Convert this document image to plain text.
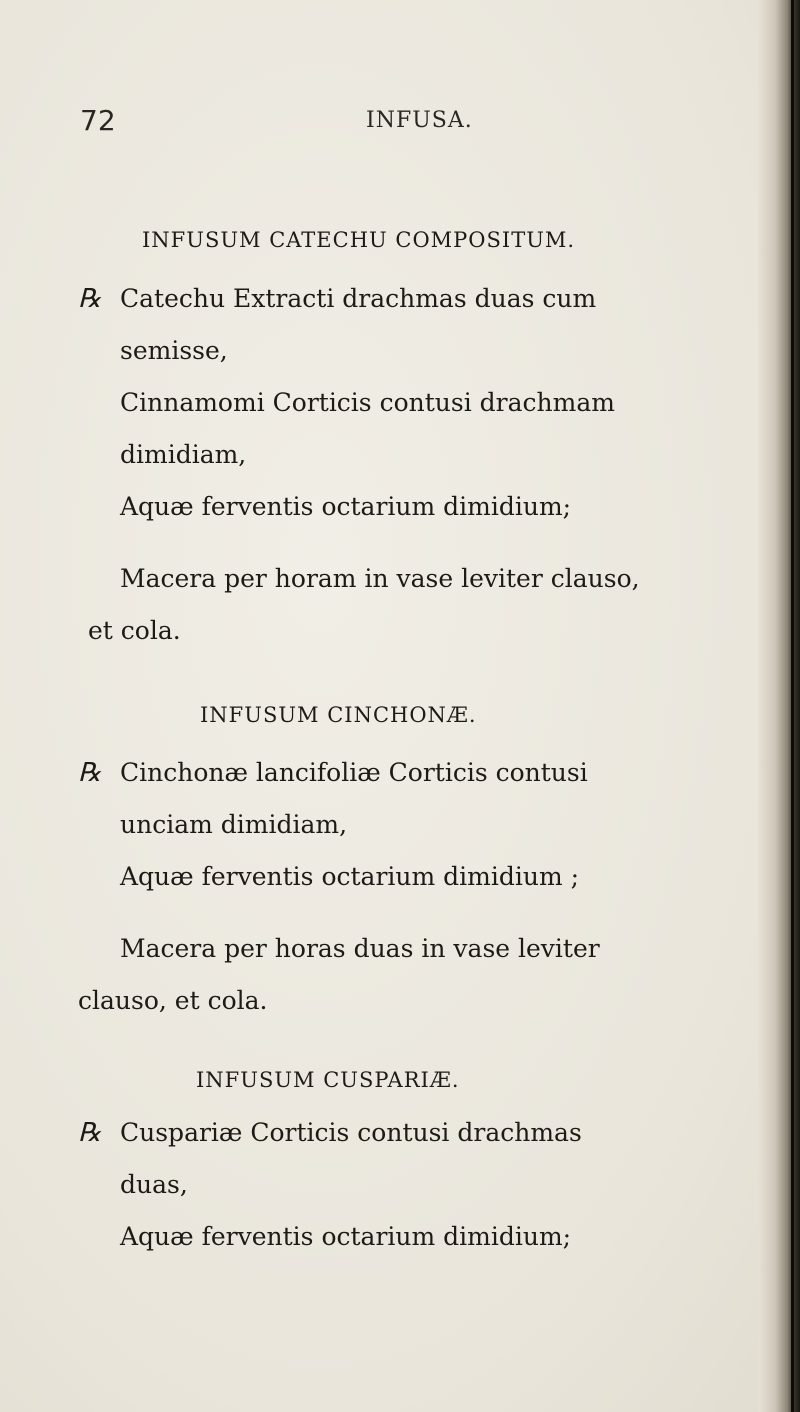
72	INFUSA.
INFUSUM CATECHU COMPOSITUM.
℞ Catechu Extracti drachmas duas cum
semisse,
Cinnamomi Corticis contusi drachmam
dimidiam,
Aquæ ferventis octarium dimidium;
Macera per horam in vase leviter clauso,
et cola.
INFUSUM CINCHONÆ.
℞ Cinchonæ lancifoliæ Corticis contusi
unciam dimidiam,
Aquæ ferventis octarium dimidium ;
Macera per horas duas in vase leviter
clauso, et cola.
INFUSUM CUSPARIÆ.
℞ Cuspariæ Corticis contusi drachmas
duas,
Aquæ ferventis octarium dimidium;
